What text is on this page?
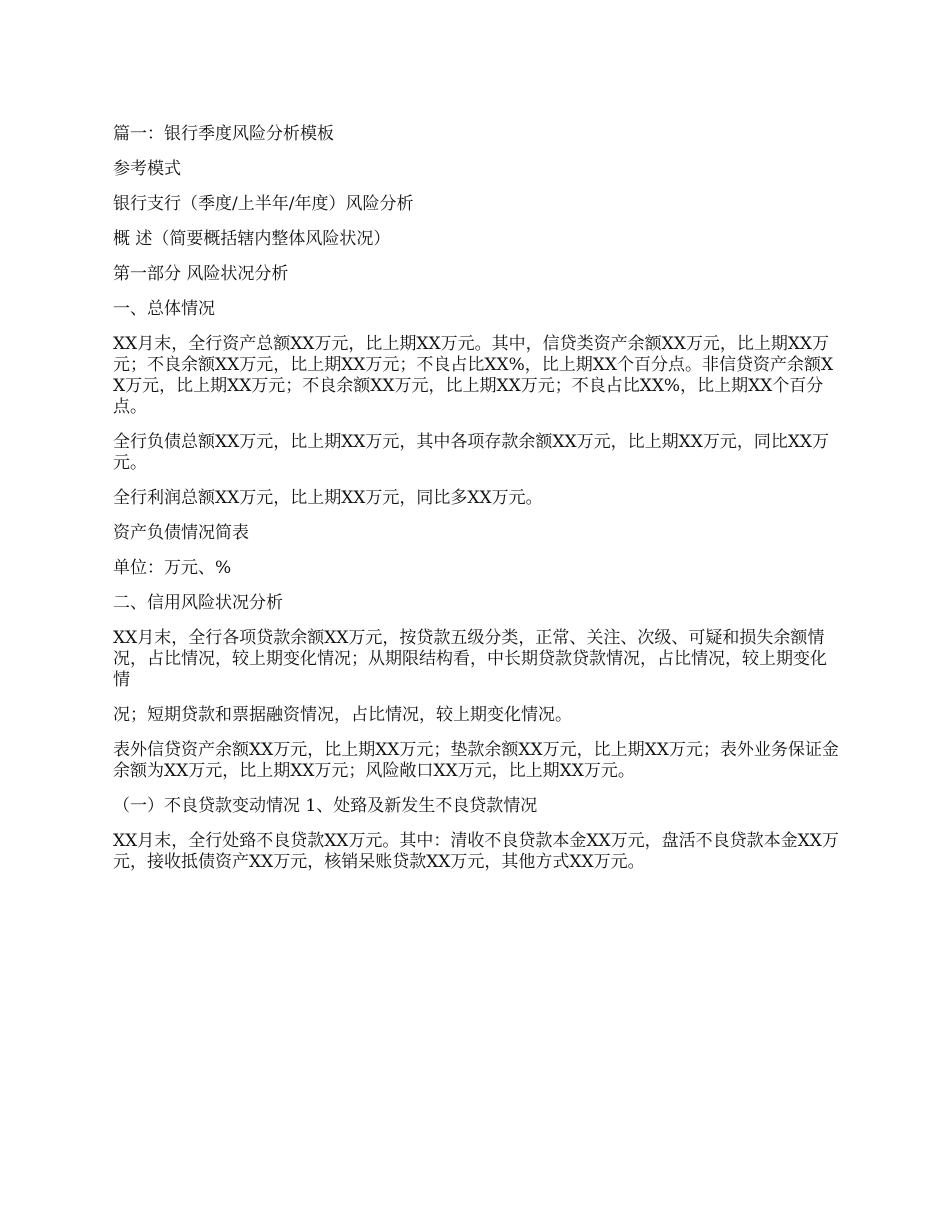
篇一：银行季度风险分析模板

参考模式

银行支行（季度/上半年/年度）风险分析

概 述（简要概括辖内整体风险状况）

第一部分 风险状况分析

一、总体情况

XX月末，全行资产总额XX万元，比上期XX万元。其中，信贷类资产余额XX万元，比上期XX万元；不良余额XX万元，比上期XX万元；不良占比XX%，比上期XX个百分点。非信贷资产余额XX万元，比上期XX万元；不良余额XX万元，比上期XX万元；不良占比XX%，比上期XX个百分点。

全行负债总额XX万元，比上期XX万元，其中各项存款余额XX万元，比上期XX万元，同比XX万元。

全行利润总额XX万元，比上期XX万元，同比多XX万元。

资产负债情况简表

单位：万元、%

二、信用风险状况分析

XX月末，全行各项贷款余额XX万元，按贷款五级分类，正常、关注、次级、可疑和损失余额情况，占比情况，较上期变化情况；从期限结构看，中长期贷款贷款情况，占比情况，较上期变化情

况；短期贷款和票据融资情况，占比情况，较上期变化情况。

表外信贷资产余额XX万元，比上期XX万元；垫款余额XX万元，比上期XX万元；表外业务保证金余额为XX万元，比上期XX万元；风险敞口XX万元，比上期XX万元。

（一）不良贷款变动情况 1、处臵及新发生不良贷款情况

XX月末，全行处臵不良贷款XX万元。其中：清收不良贷款本金XX万元，盘活不良贷款本金XX万元，接收抵债资产XX万元，核销呆账贷款XX万元，其他方式XX万元。
